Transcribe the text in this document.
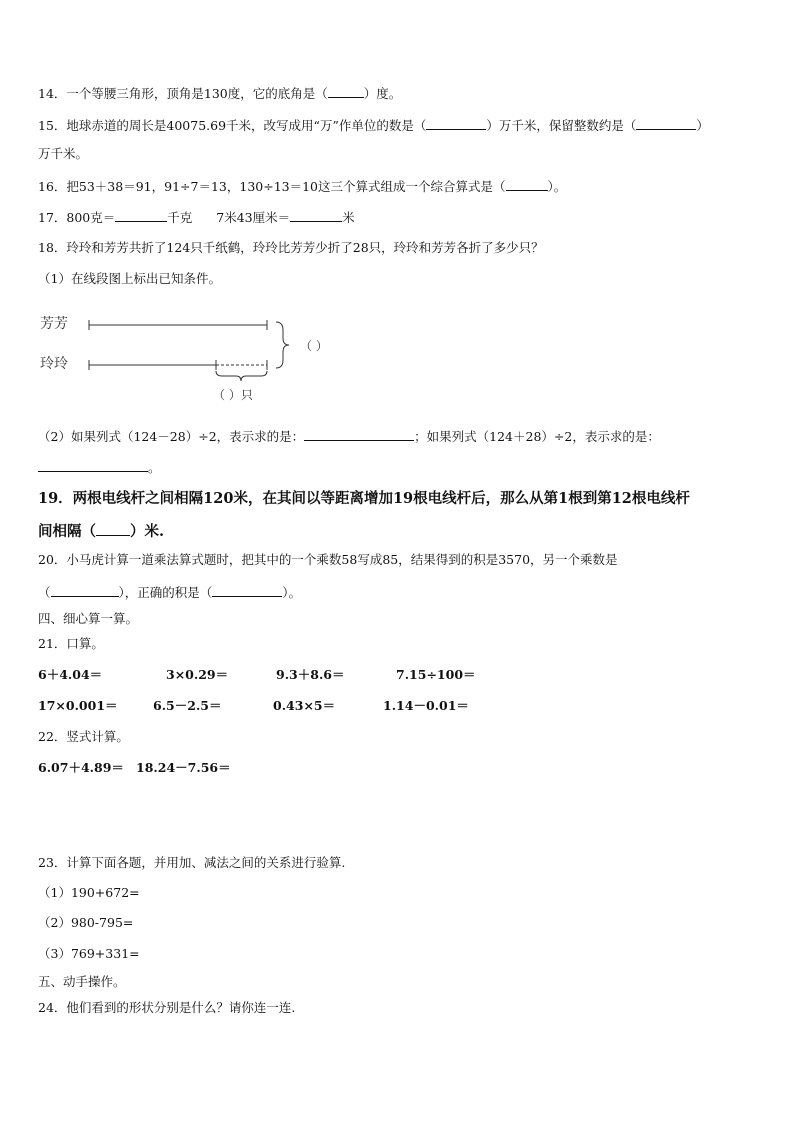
14．一个等腰三角形，顶角是130度，它的底角是（	）度。
15．地球赤道的周长是40075.69千米，改写成用“万”作单位的数是（	）万千米，保留整数约是（	）
万千米。
16．把53＋38＝91，91÷7＝13，130÷13＝10这三个算式组成一个综合算式是（	）。
17．800克＝	千克 7米43厘米＝	米
18．玲玲和芳芳共折了124只千纸鹤，玲玲比芳芳少折了28只，玲玲和芳芳各折了多少只？
（1）在线段图上标出已知条件。
芳芳
玲玲
（ ）
（ ）只
（2）如果列式（124－28）÷2，表示求的是：	；如果列式（124＋28）÷2，表示求的是：
。
19．两根电线杆之间相隔120米，在其间以等距离增加19根电线杆后，那么从第1根到第12根电线杆
间相隔（ ）米.
20．小马虎计算一道乘法算式题时，把其中的一个乘数58写成85，结果得到的积是3570，另一个乘数是
（	），正确的积是（	）。
四、细心算一算。
21．口算。
6＋4.04＝	3×0.29＝	9.3＋8.6＝	7.15÷100＝
17×0.001＝	6.5－2.5＝	0.43×5＝	1.14－0.01＝
22．竖式计算。
6.07＋4.89＝ 18.24－7.56＝
23．计算下面各题，并用加、减法之间的关系进行验算.
（1）190+672=
（2）980-795=
（3）769+331=
五、动手操作。
24．他们看到的形状分别是什么？请你连一连.
